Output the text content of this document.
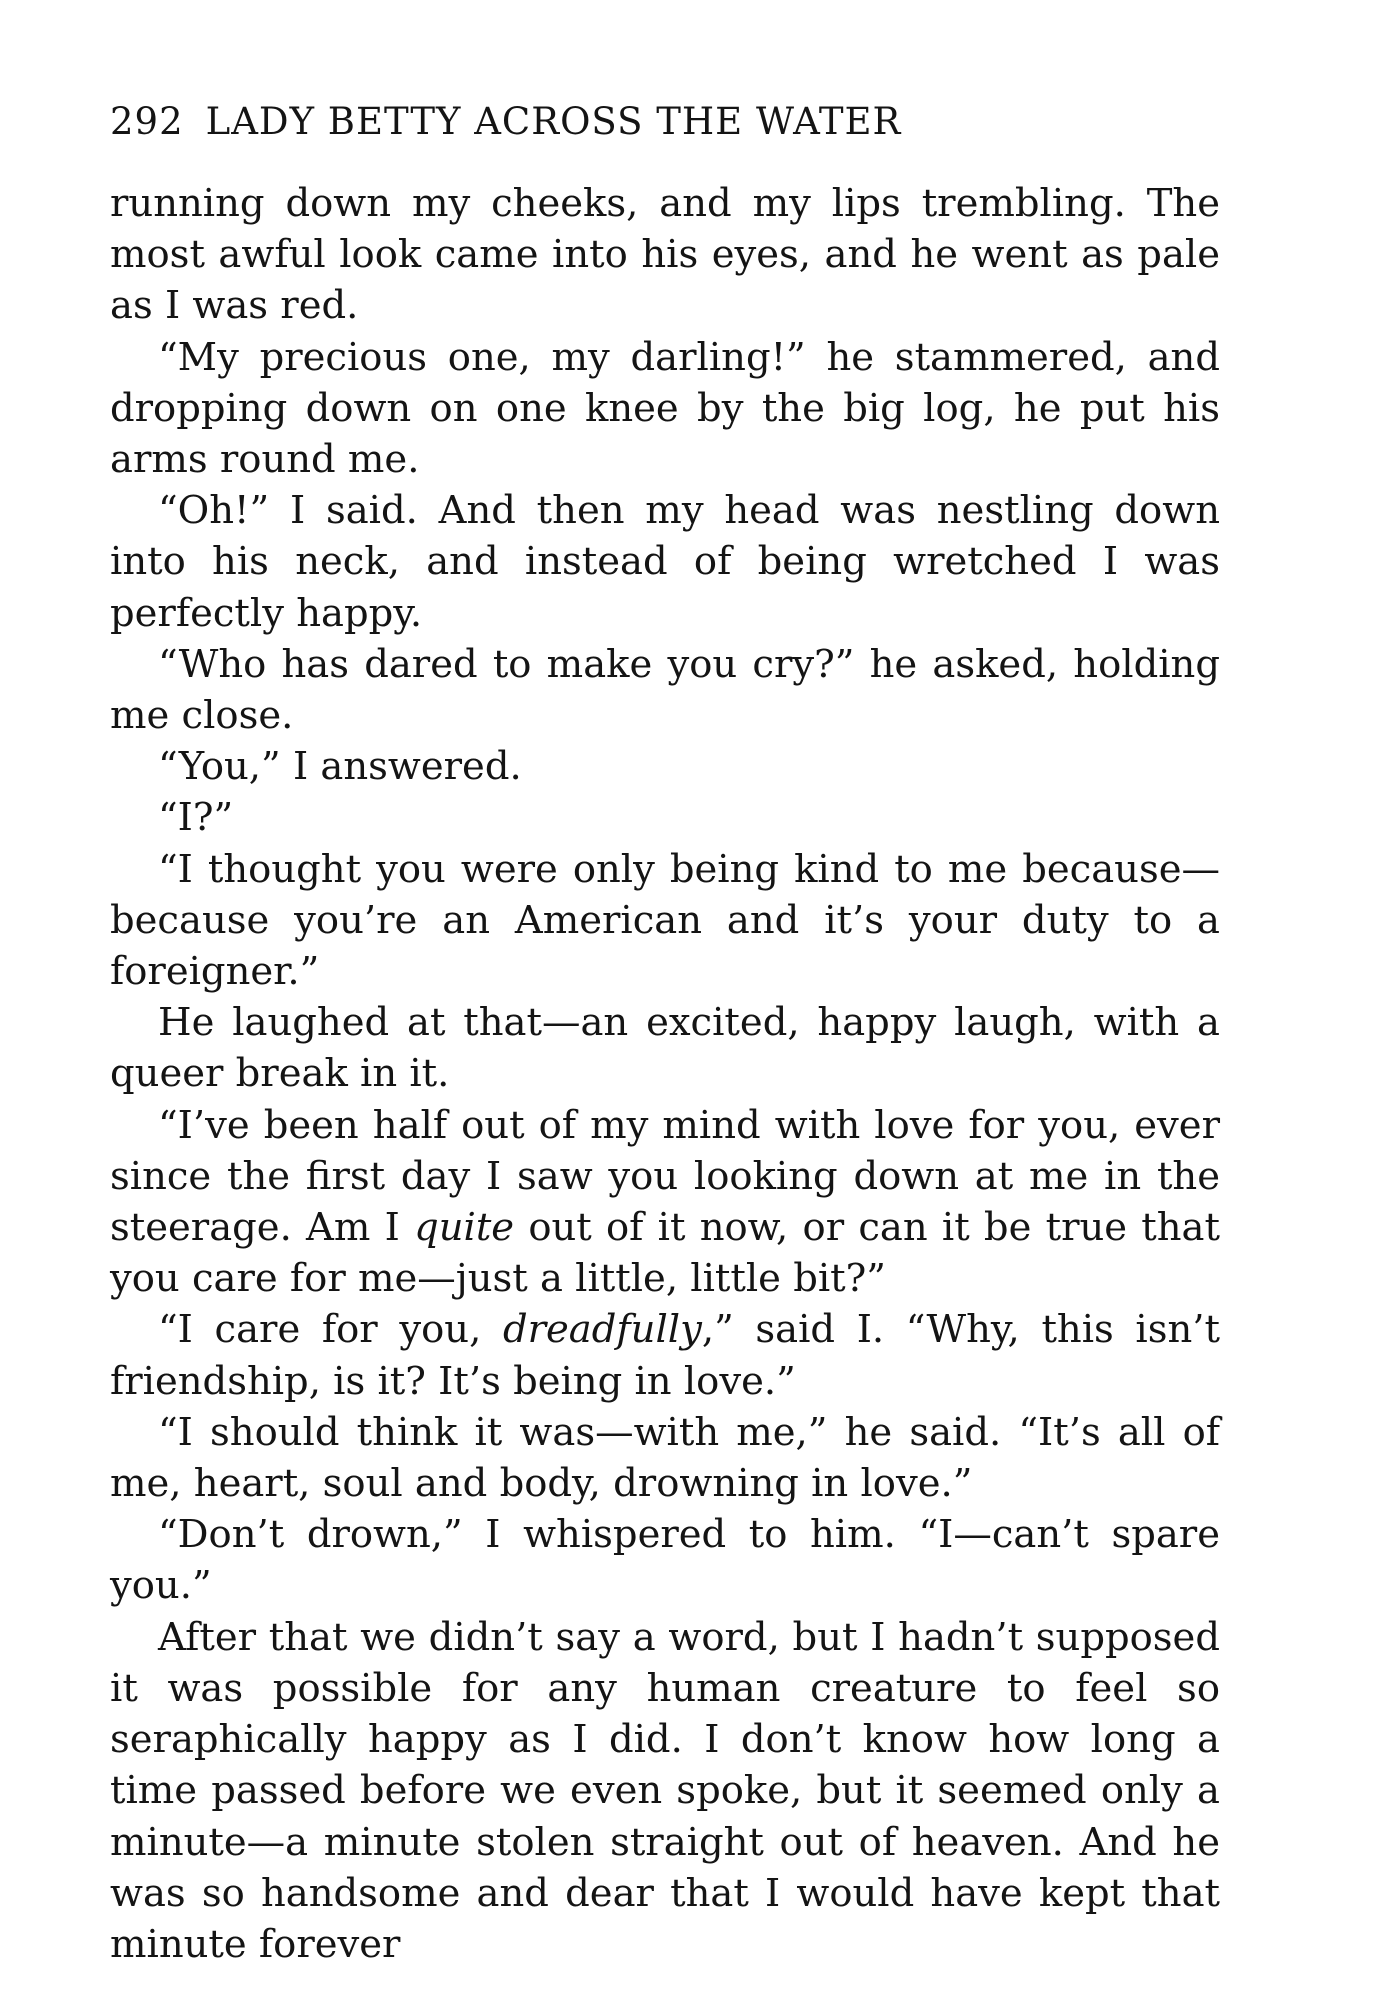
292 LADY BETTY ACROSS THE WATER

running down my cheeks, and my lips trembling. The most awful look came into his eyes, and he went as pale as I was red.

“My precious one, my darling!” he stammered, and dropping down on one knee by the big log, he put his arms round me.

“Oh!” I said. And then my head was nestling down into his neck, and instead of being wretched I was perfectly happy.

“Who has dared to make you cry?” he asked, holding me close.

“You,” I answered.

“I?”

“I thought you were only being kind to me because—because you’re an American and it’s your duty to a foreigner.”

He laughed at that—an excited, happy laugh, with a queer break in it.

“I’ve been half out of my mind with love for you, ever since the first day I saw you looking down at me in the steerage. Am I quite out of it now, or can it be true that you care for me—just a little, little bit?”

“I care for you, dreadfully,” said I. “Why, this isn’t friendship, is it? It’s being in love.”

“I should think it was—with me,” he said. “It’s all of me, heart, soul and body, drowning in love.”

“Don’t drown,” I whispered to him. “I—can’t spare you.”

After that we didn’t say a word, but I hadn’t supposed it was possible for any human creature to feel so seraphically happy as I did. I don’t know how long a time passed before we even spoke, but it seemed only a minute—a minute stolen straight out of heaven. And he was so handsome and dear that I would have kept that minute forever
